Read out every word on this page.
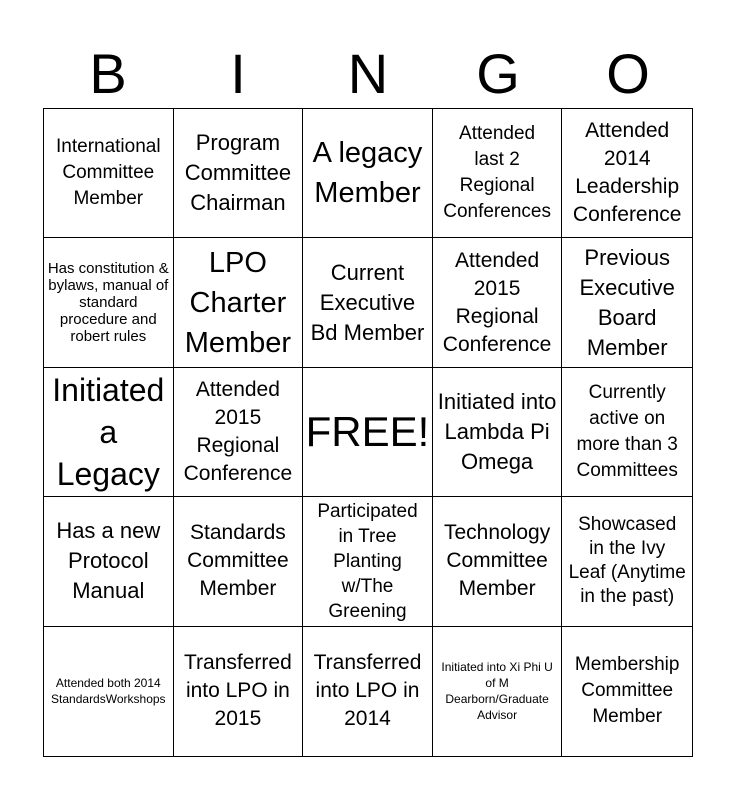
B	I	N	G	O
International Committee Member
Program Committee Chairman
A legacy Member
Attended last 2 Regional Conferences
Attended 2014 Leadership Conference
Has constitution & bylaws, manual of standard procedure and robert rules
LPO Charter Member
Current Executive Bd Member
Attended 2015 Regional Conference
Previous Executive Board Member
Initiated a Legacy
Attended 2015 Regional Conference
FREE!
Initiated into Lambda Pi Omega
Currently active on more than 3 Committees
Has a new Protocol Manual
Standards Committee Member
Participated in Tree Planting w/The Greening
Technology Committee Member
Showcased in the Ivy Leaf (Anytime in the past)
Attended both 2014 StandardsWorkshops
Transferred into LPO in 2015
Transferred into LPO in 2014
Initiated into Xi Phi U of M Dearborn/Graduate Advisor
Membership Committee Member
